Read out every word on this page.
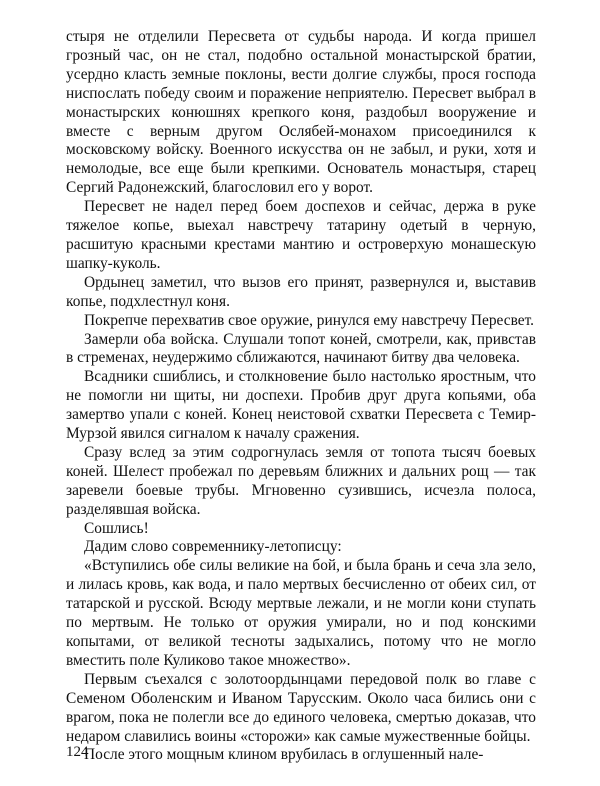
стыря не отделили Пересвета от судьбы народа. И когда пришел грозный час, он не стал, подобно остальной монастырской братии, усердно класть земные поклоны, вести долгие службы, прося господа ниспослать победу своим и поражение неприятелю. Пересвет выбрал в монастырских конюшнях крепкого коня, раздобыл вооружение и вместе с верным другом Ослябей-монахом присоединился к московскому войску. Военного искусства он не забыл, и руки, хотя и немолодые, все еще были крепкими. Основатель монастыря, старец Сергий Радонежский, благословил его у ворот.

Пересвет не надел перед боем доспехов и сейчас, держа в руке тяжелое копье, выехал навстречу татарину одетый в черную, расшитую красными крестами мантию и островерхую монашескую шапку-куколь.

Ордынец заметил, что вызов его принят, развернулся и, выставив копье, подхлестнул коня.

Покрепче перехватив свое оружие, ринулся ему навстречу Пересвет.

Замерли оба войска. Слушали топот коней, смотрели, как, привстав в стременах, неудержимо сближаются, начинают битву два человека.

Всадники сшиблись, и столкновение было настолько яростным, что не помогли ни щиты, ни доспехи. Пробив друг друга копьями, оба замертво упали с коней. Конец неистовой схватки Пересвета с Темир-Мурзой явился сигналом к началу сражения.

Сразу вслед за этим содрогнулась земля от топота тысяч боевых коней. Шелест пробежал по деревьям ближних и дальних рощ — так заревели боевые трубы. Мгновенно сузившись, исчезла полоса, разделявшая войска.

Сошлись!

Дадим слово современнику-летописцу:

«Вступились обе силы великие на бой, и была брань и сеча зла зело, и лилась кровь, как вода, и пало мертвых бесчисленно от обеих сил, от татарской и русской. Всюду мертвые лежали, и не могли кони ступать по мертвым. Не только от оружия умирали, но и под конскими копытами, от великой тесноты задыхались, потому что не могло вместить поле Куликово такое множество».

Первым съехался с золотоордынцами передовой полк во главе с Семеном Оболенским и Иваном Тарусским. Около часа бились они с врагом, пока не полегли все до единого человека, смертью доказав, что недаром славились воины «сторожи» как самые мужественные бойцы.

После этого мощным клином врубилась в оглушенный нале-

124
